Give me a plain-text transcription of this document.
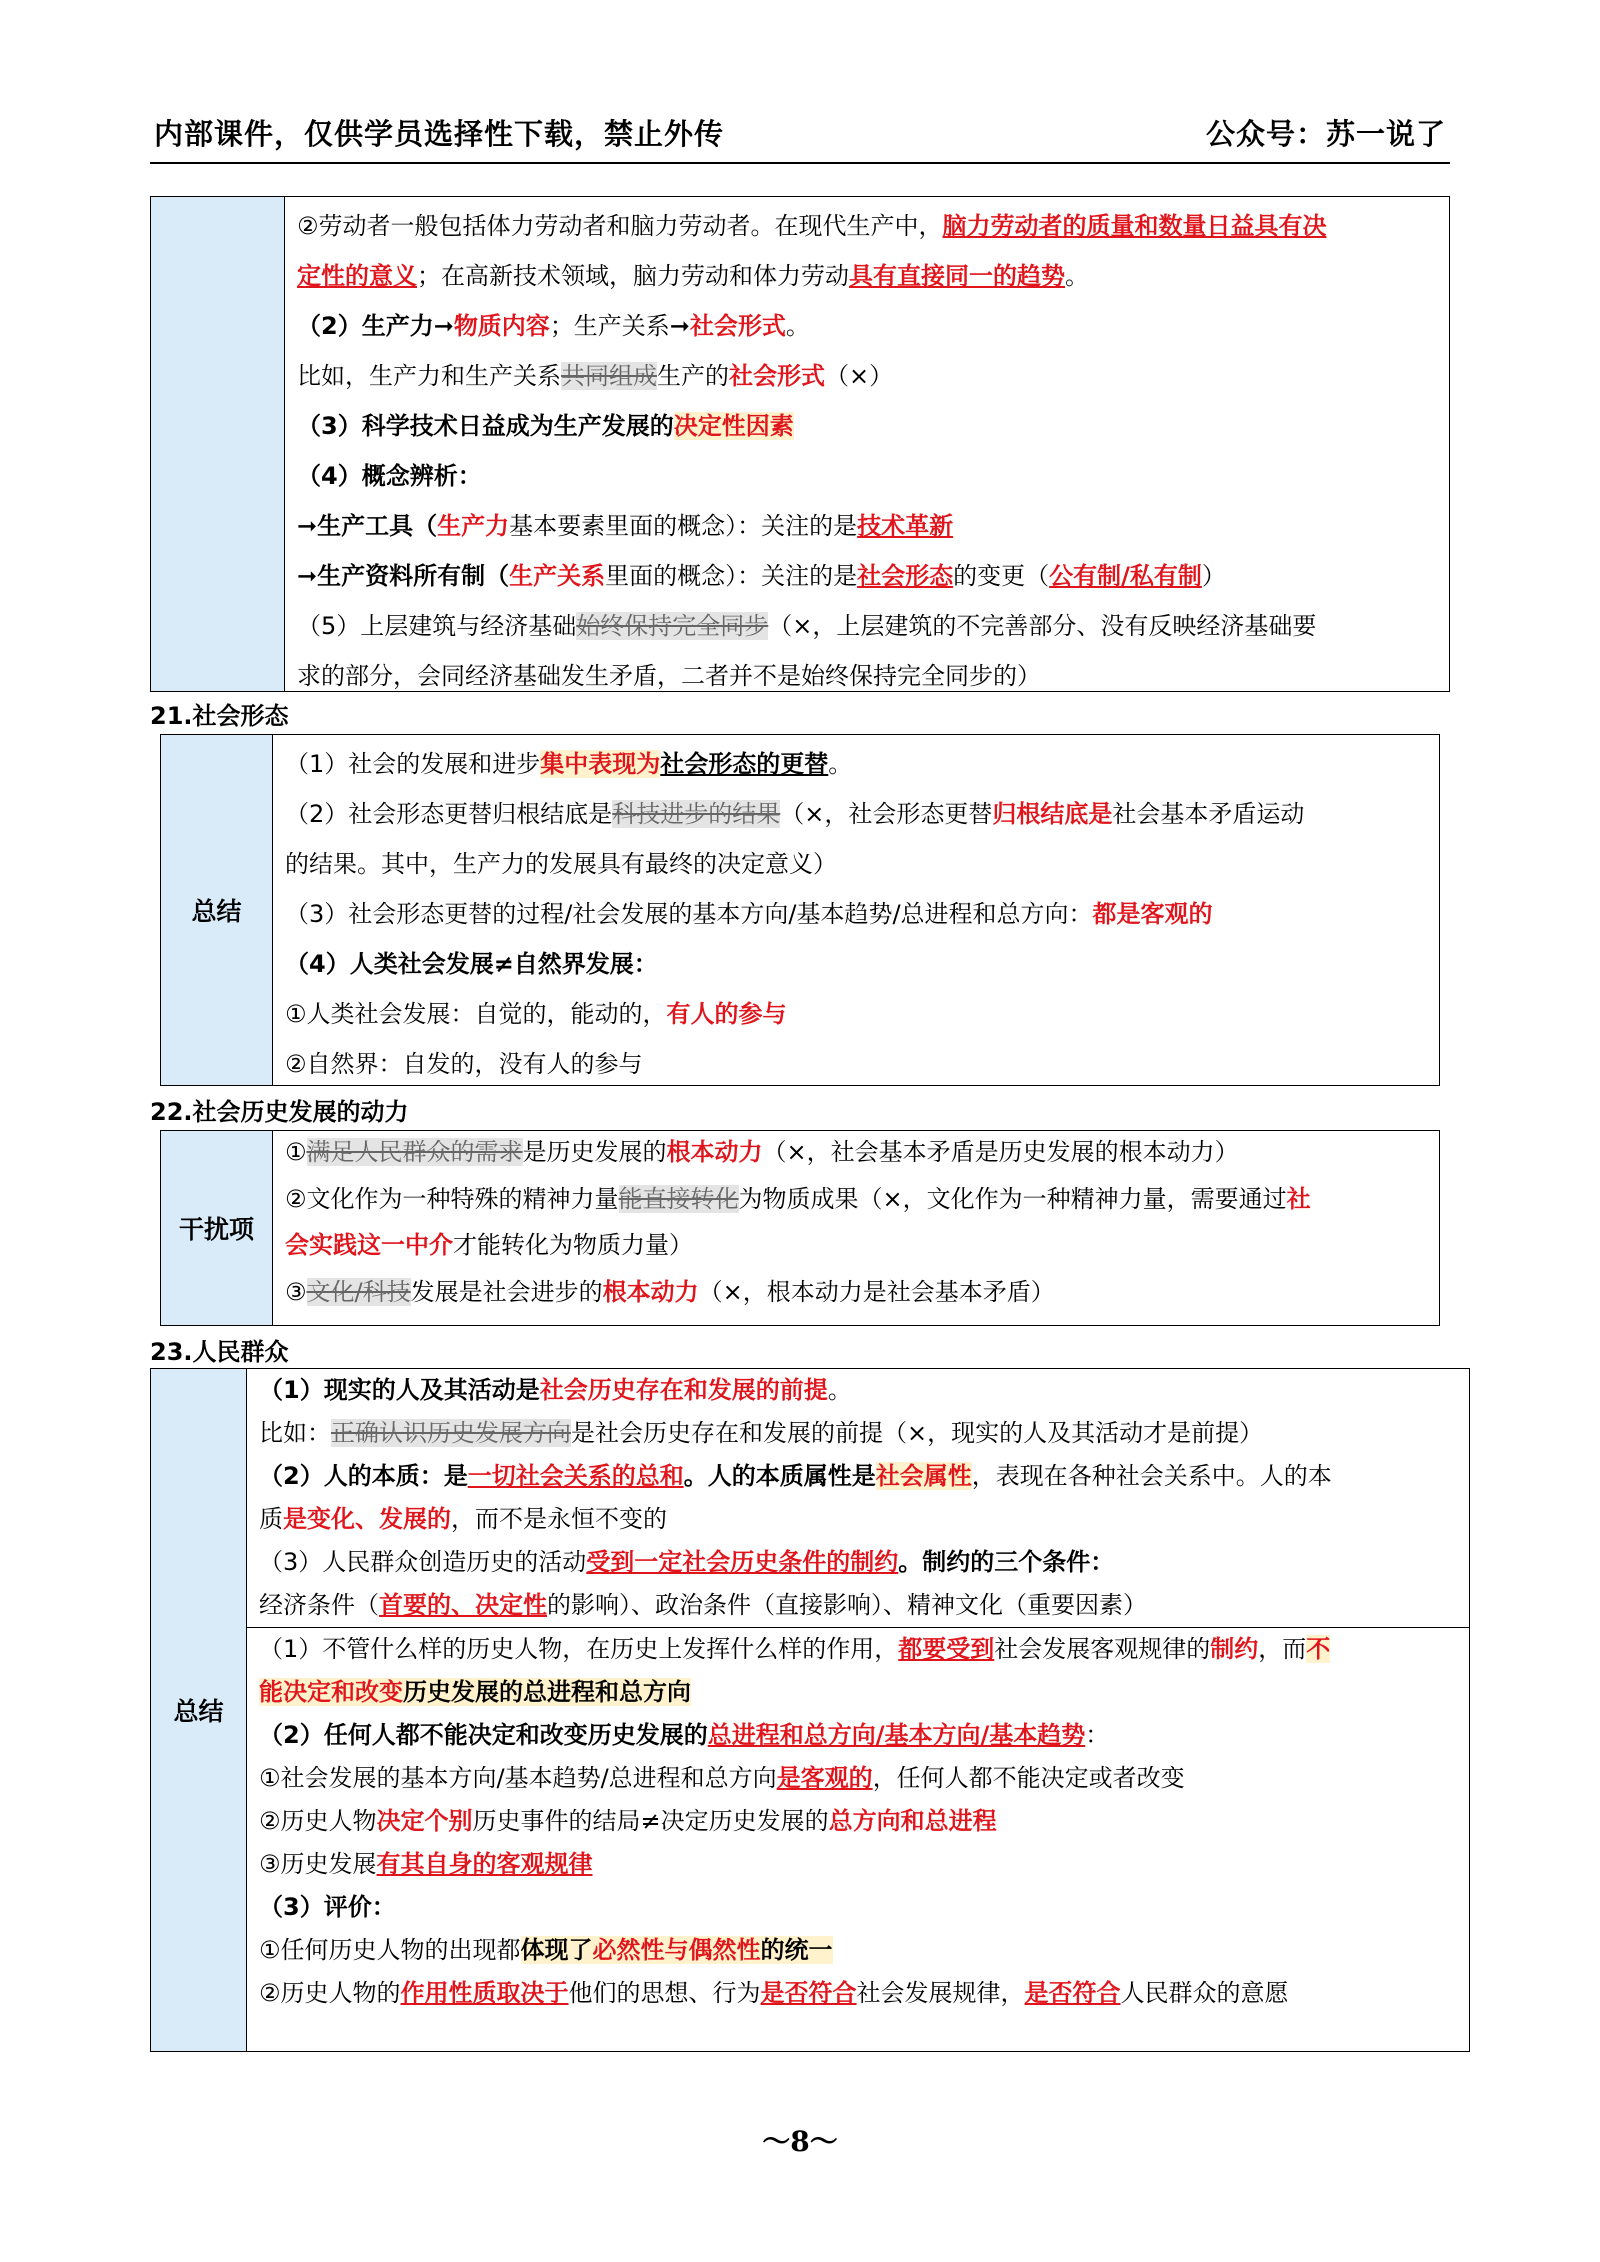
内部课件，仅供学员选择性下载，禁止外传	公众号：苏一说了
②劳动者一般包括体力劳动者和脑力劳动者。在现代生产中，脑力劳动者的质量和数量日益具有决
定性的意义；在高新技术领域，脑力劳动和体力劳动具有直接同一的趋势。
（2）生产力➞物质内容；生产关系➞社会形式。
比如，生产力和生产关系共同组成生产的社会形式（×）
（3）科学技术日益成为生产发展的决定性因素
（4）概念辨析：
➞生产工具（生产力基本要素里面的概念）：关注的是技术革新
➞生产资料所有制（生产关系里面的概念）：关注的是社会形态的变更（公有制/私有制）
（5）上层建筑与经济基础始终保持完全同步（×，上层建筑的不完善部分、没有反映经济基础要
求的部分，会同经济基础发生矛盾，二者并不是始终保持完全同步的）
21.社会形态
总结
（1）社会的发展和进步集中表现为社会形态的更替。
（2）社会形态更替归根结底是科技进步的结果（×，社会形态更替归根结底是社会基本矛盾运动
的结果。其中，生产力的发展具有最终的决定意义）
（3）社会形态更替的过程/社会发展的基本方向/基本趋势/总进程和总方向：都是客观的
（4）人类社会发展≠自然界发展：
①人类社会发展：自觉的，能动的，有人的参与
②自然界：自发的，没有人的参与
22.社会历史发展的动力
干扰项
①满足人民群众的需求是历史发展的根本动力（×，社会基本矛盾是历史发展的根本动力）
②文化作为一种特殊的精神力量能直接转化为物质成果（×，文化作为一种精神力量，需要通过社
会实践这一中介才能转化为物质力量）
③文化/科技发展是社会进步的根本动力（×，根本动力是社会基本矛盾）
23.人民群众
总结
（1）现实的人及其活动是社会历史存在和发展的前提。
比如：正确认识历史发展方向是社会历史存在和发展的前提（×，现实的人及其活动才是前提）
（2）人的本质：是一切社会关系的总和。人的本质属性是社会属性，表现在各种社会关系中。人的本
质是变化、发展的，而不是永恒不变的
（3）人民群众创造历史的活动受到一定社会历史条件的制约。制约的三个条件：
经济条件（首要的、决定性的影响）、政治条件（直接影响）、精神文化（重要因素）
（1）不管什么样的历史人物，在历史上发挥什么样的作用，都要受到社会发展客观规律的制约，而不
能决定和改变历史发展的总进程和总方向
（2）任何人都不能决定和改变历史发展的总进程和总方向/基本方向/基本趋势：
①社会发展的基本方向/基本趋势/总进程和总方向是客观的，任何人都不能决定或者改变
②历史人物决定个别历史事件的结局≠决定历史发展的总方向和总进程
③历史发展有其自身的客观规律
（3）评价：
①任何历史人物的出现都体现了必然性与偶然性的统一
②历史人物的作用性质取决于他们的思想、行为是否符合社会发展规律，是否符合人民群众的意愿
～8～
